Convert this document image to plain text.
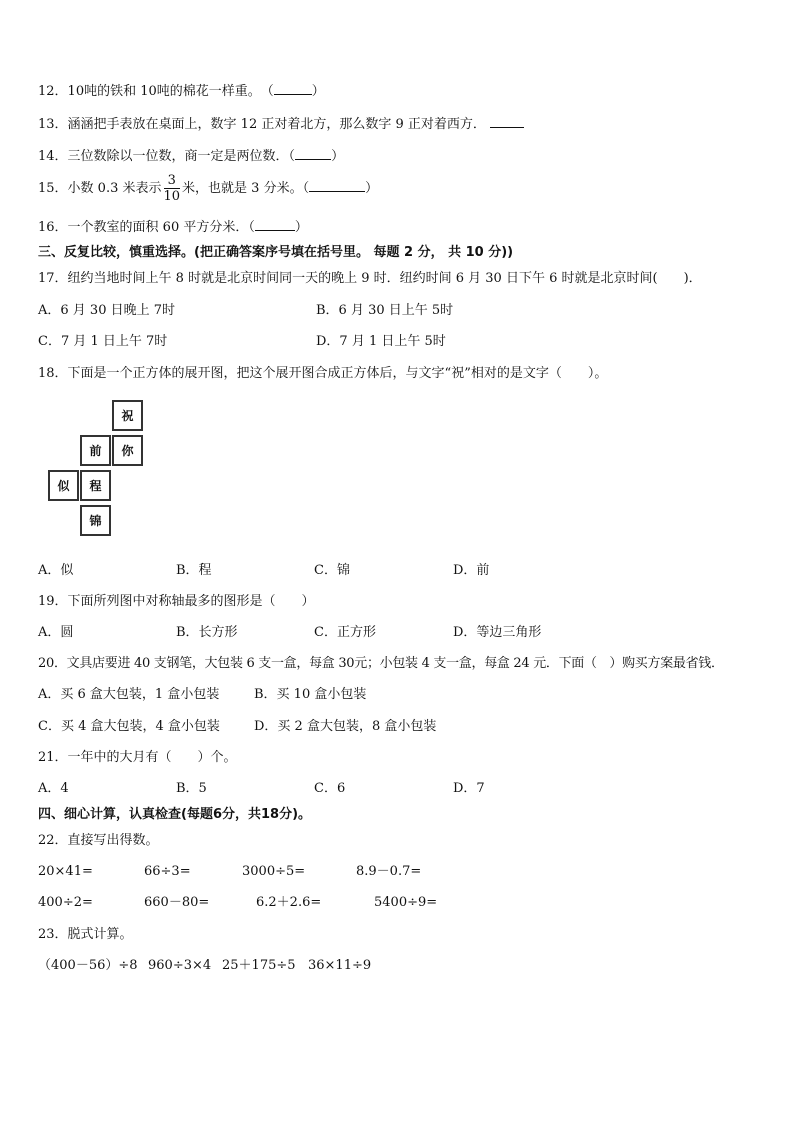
12．10吨的铁和 10吨的棉花一样重。　 （	）
13．涵涵把手表放在桌面上，数字 12 正对着北方，那么数字 9 正对着西方．
14．三位数除以一位数，商一定是两位数．（	）
15．小数 0.3 米表示 $\frac{3}{10}$ 米，也就是 3 分米。（	）
16．一个教室的面积 60 平方分米．（	）
三、反复比较，慎重选择。(把正确答案序号填在括号里。 每题 2 分， 共 10 分))
17．纽约当地时间上午 8 时就是北京时间同一天的晚上 9 时．纽约时间 6 月 30 日下午 6 时就是北京时间(　　)．
A．6 月 30 日晚上 7时	B．6 月 30 日上午 5时
C．7 月 1 日上午 7时	D．7 月 1 日上午 5时
18．下面是一个正方体的展开图，把这个展开图合成正方体后，与文字“祝”相对的是文字（　　）。
祝
你
前
似	程
锦
A．似	B．程	C．锦	D．前
19．下面所列图中对称轴最多的图形是（　　）
A．圆	B．长方形	C．正方形	D．等边三角形
20．文具店要进 40 支钢笔，大包装 6 支一盒，每盒 30元；小包装 4 支一盒，每盒 24 元．下面（　）购买方案最省钱．
A．买 6 盒大包装，1 盒小包装	B．买 10 盒小包装
C．买 4 盒大包装，4 盒小包装	D．买 2 盒大包装，8 盒小包装
21．一年中的大月有（　　）个。
A．4	B．5	C．6	D．7
四、细心计算，认真检查(每题6分，共18分)。
22．直接写出得数。
20×41=	66÷3=	3000÷5=	8.9－0.7=
400÷2=	660－80=	6.2＋2.6=	5400÷9=
23．脱式计算。
（400－56）÷8 960÷3×4 25＋175÷5 36×11÷9
